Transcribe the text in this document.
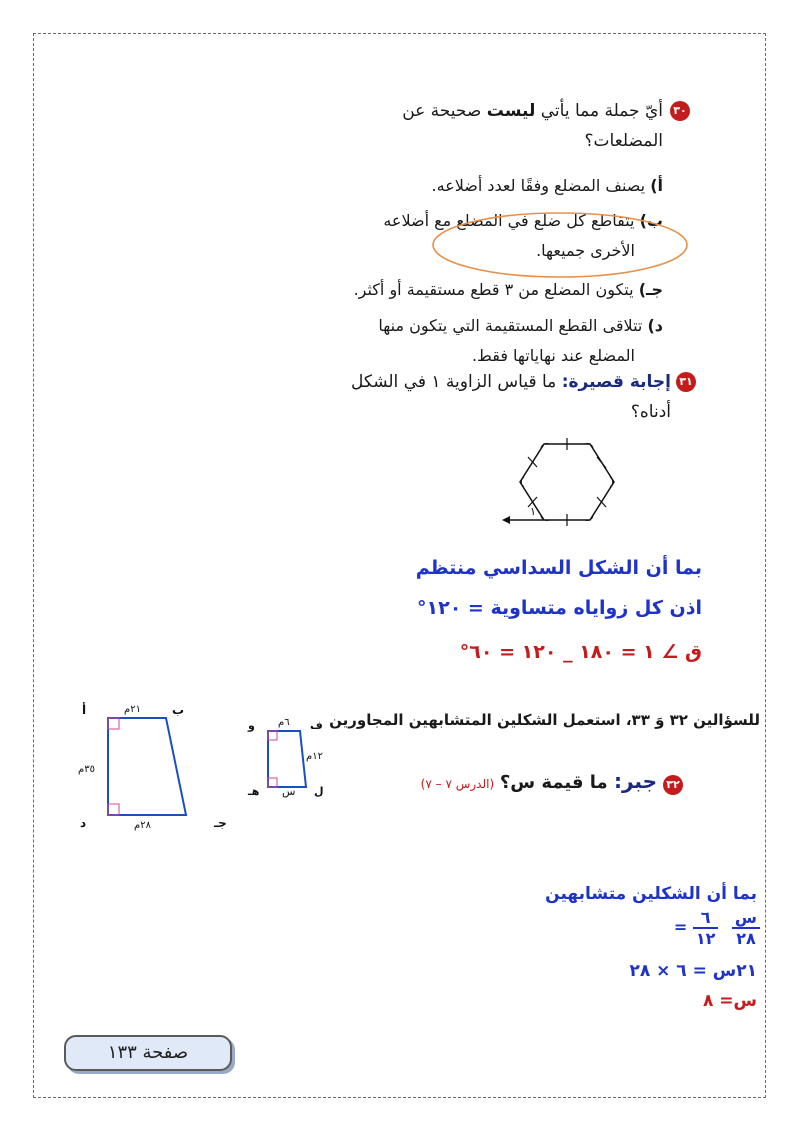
٣٠
أيّ جملة مما يأتي ليست صحيحة عن
المضلعات؟
أ) يصنف المضلع وفقًا لعدد أضلاعه.
ب) يتقاطع كل ضلع في المضلع مع أضلاعه
الأخرى جميعها.
جـ) يتكون المضلع من ٣ قطع مستقيمة أو أكثر.
د) تتلاقى القطع المستقيمة التي يتكون منها
المضلع عند نهاياتها فقط.
٣١
إجابة قصيرة: ما قياس الزاوية ١ في الشكل
أدناه؟
١
بما أن الشكل السداسي منتظم
اذن كل زواياه متساوية = ١٢٠°
ق ∠ ١ = ١٨٠ _ ١٢٠ = ٦٠°
للسؤالين ٣٢ وَ ٣٣، استعمل الشكلين المتشابهين المجاورين
و ٦م ف
١٢م
هـ س ل
أ	٢١م	ب
٣٥م
د	٢٨م	جـ
٣٢
جبر: ما قيمة س؟ (الدرس ٧ – ٧)
بما أن الشكلين متشابهين
= $\frac{٦}{١٢}$
$\frac{\text{س}}{٢٨}$
٢١س = ٦ × ٢٨
س= ٨
صفحة ١٣٣
